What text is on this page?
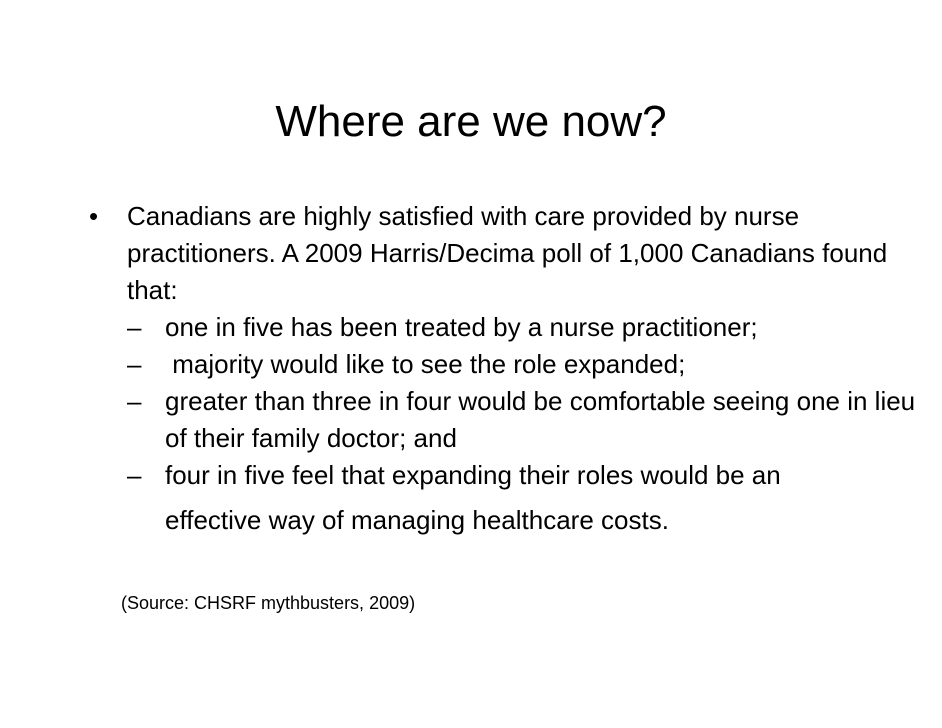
Where are we now?
• Canadians are highly satisfied with care provided by nurse practitioners. A 2009 Harris/Decima poll of 1,000 Canadians found that:
– one in five has been treated by a nurse practitioner;
– majority would like to see the role expanded;
– greater than three in four would be comfortable seeing one in lieu of their family doctor; and
– four in five feel that expanding their roles would be an
effective way of managing healthcare costs.
(Source: CHSRF mythbusters, 2009)
